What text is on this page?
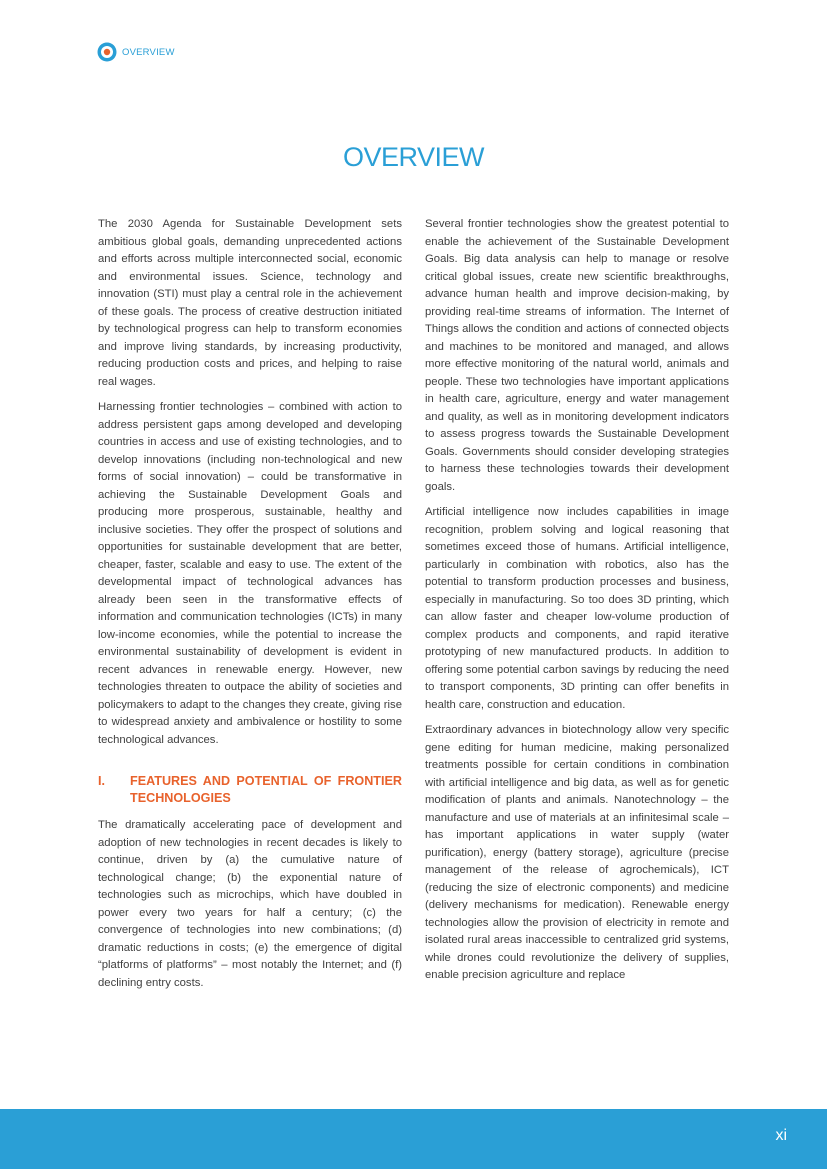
OVERVIEW
OVERVIEW

The 2030 Agenda for Sustainable Development sets ambitious global goals, demanding unprecedented actions and efforts across multiple interconnected social, economic and environmental issues. Science, technology and innovation (STI) must play a central role in the achievement of these goals. The process of creative destruction initiated by technological progress can help to transform economies and improve living standards, by increasing productivity, reducing production costs and prices, and helping to raise real wages.

Harnessing frontier technologies – combined with action to address persistent gaps among developed and developing countries in access and use of existing technologies, and to develop innovations (including non-technological and new forms of social innovation) – could be transformative in achieving the Sustainable Development Goals and producing more prosperous, sustainable, healthy and inclusive societies. They offer the prospect of solutions and opportunities for sustainable development that are better, cheaper, faster, scalable and easy to use. The extent of the developmental impact of technological advances has already been seen in the transformative effects of information and communication technologies (ICTs) in many low-income economies, while the potential to increase the environmental sustainability of development is evident in recent advances in renewable energy. However, new technologies threaten to outpace the ability of societies and policymakers to adapt to the changes they create, giving rise to widespread anxiety and ambivalence or hostility to some technological advances.

I.	FEATURES AND POTENTIAL OF FRONTIER TECHNOLOGIES

The dramatically accelerating pace of development and adoption of new technologies in recent decades is likely to continue, driven by (a) the cumulative nature of technological change; (b) the exponential nature of technologies such as microchips, which have doubled in power every two years for half a century; (c) the convergence of technologies into new combinations; (d) dramatic reductions in costs; (e) the emergence of digital “platforms of platforms” – most notably the Internet; and (f) declining entry costs.

Several frontier technologies show the greatest potential to enable the achievement of the Sustainable Development Goals. Big data analysis can help to manage or resolve critical global issues, create new scientific breakthroughs, advance human health and improve decision-making, by providing real-time streams of information. The Internet of Things allows the condition and actions of connected objects and machines to be monitored and managed, and allows more effective monitoring of the natural world, animals and people. These two technologies have important applications in health care, agriculture, energy and water management and quality, as well as in monitoring development indicators to assess progress towards the Sustainable Development Goals. Governments should consider developing strategies to harness these technologies towards their development goals.

Artificial intelligence now includes capabilities in image recognition, problem solving and logical reasoning that sometimes exceed those of humans. Artificial intelligence, particularly in combination with robotics, also has the potential to transform production processes and business, especially in manufacturing. So too does 3D printing, which can allow faster and cheaper low-volume production of complex products and components, and rapid iterative prototyping of new manufactured products. In addition to offering some potential carbon savings by reducing the need to transport components, 3D printing can offer benefits in health care, construction and education.

Extraordinary advances in biotechnology allow very specific gene editing for human medicine, making personalized treatments possible for certain conditions in combination with artificial intelligence and big data, as well as for genetic modification of plants and animals. Nanotechnology – the manufacture and use of materials at an infinitesimal scale – has important applications in water supply (water purification), energy (battery storage), agriculture (precise management of the release of agrochemicals), ICT (reducing the size of electronic components) and medicine (delivery mechanisms for medication). Renewable energy technologies allow the provision of electricity in remote and isolated rural areas inaccessible to centralized grid systems, while drones could revolutionize the delivery of supplies, enable precision agriculture and replace

xi
